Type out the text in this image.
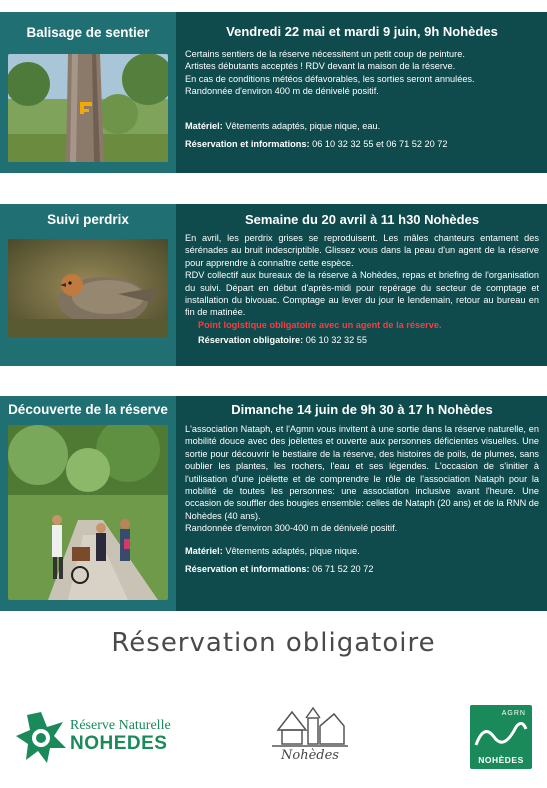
Balisage de sentier	Vendredi 22 mai et mardi 9 juin, 9h Nohèdes
Certains sentiers de la réserve nécessitent un petit coup de peinture.
Artistes débutants acceptés ! RDV devant la maison de la réserve.
En cas de conditions météos défavorables, les sorties seront annulées.
Randonnée d'environ 400 m de dénivelé positif.
Matériel: Vêtements adaptés, pique nique, eau.
Réservation et informations: 06 10 32 32 55 et 06 71 52 20 72
Suivi perdrix	Semaine du 20 avril à 11 h30 Nohèdes
En avril, les perdrix grises se reproduisent. Les mâles chanteurs entament des sérénades au bruit indescriptible. Glissez vous dans la peau d'un agent de la réserve pour apprendre à connaître cette espèce.
RDV collectif aux bureaux de la réserve à Nohèdes, repas et briefing de l'organisation du suivi. Départ en début d'après-midi pour repérage du secteur de comptage et installation du bivouac. Comptage au lever du jour le lendemain, retour au bureau en fin de matinée.
Point logistique obligatoire avec un agent de la réserve.
Réservation obligatoire: 06 10 32 32 55
Découverte de la réserve	Dimanche 14 juin de 9h 30 à 17 h Nohèdes
L'association Nataph, et l'Agmn vous invitent à une sortie dans la réserve naturelle, en mobilité douce avec des joëlettes et ouverte aux personnes déficientes visuelles. Une sortie pour découvrir le bestiaire de la réserve, des histoires de poils, de plumes, sans oublier les plantes, les rochers, l'eau et ses légendes. L'occasion de s'initier à l'utilisation d'une joëlette et de comprendre le rôle de l'association Nataph pour la mobilité de toutes les personnes: une association inclusive avant l'heure. Une occasion de souffler des bougies ensemble: celles de Nataph (20 ans) et de la RNN de Nohèdes (40 ans).
Randonnée d'environ 300-400 m de dénivelé positif.
Matériel: Vêtements adaptés, pique nique.
Réservation et informations: 06 71 52 20 72
Réservation obligatoire
Réserve Naturelle
NOHEDES
Nohèdes
AGRN
NOHÈDES
